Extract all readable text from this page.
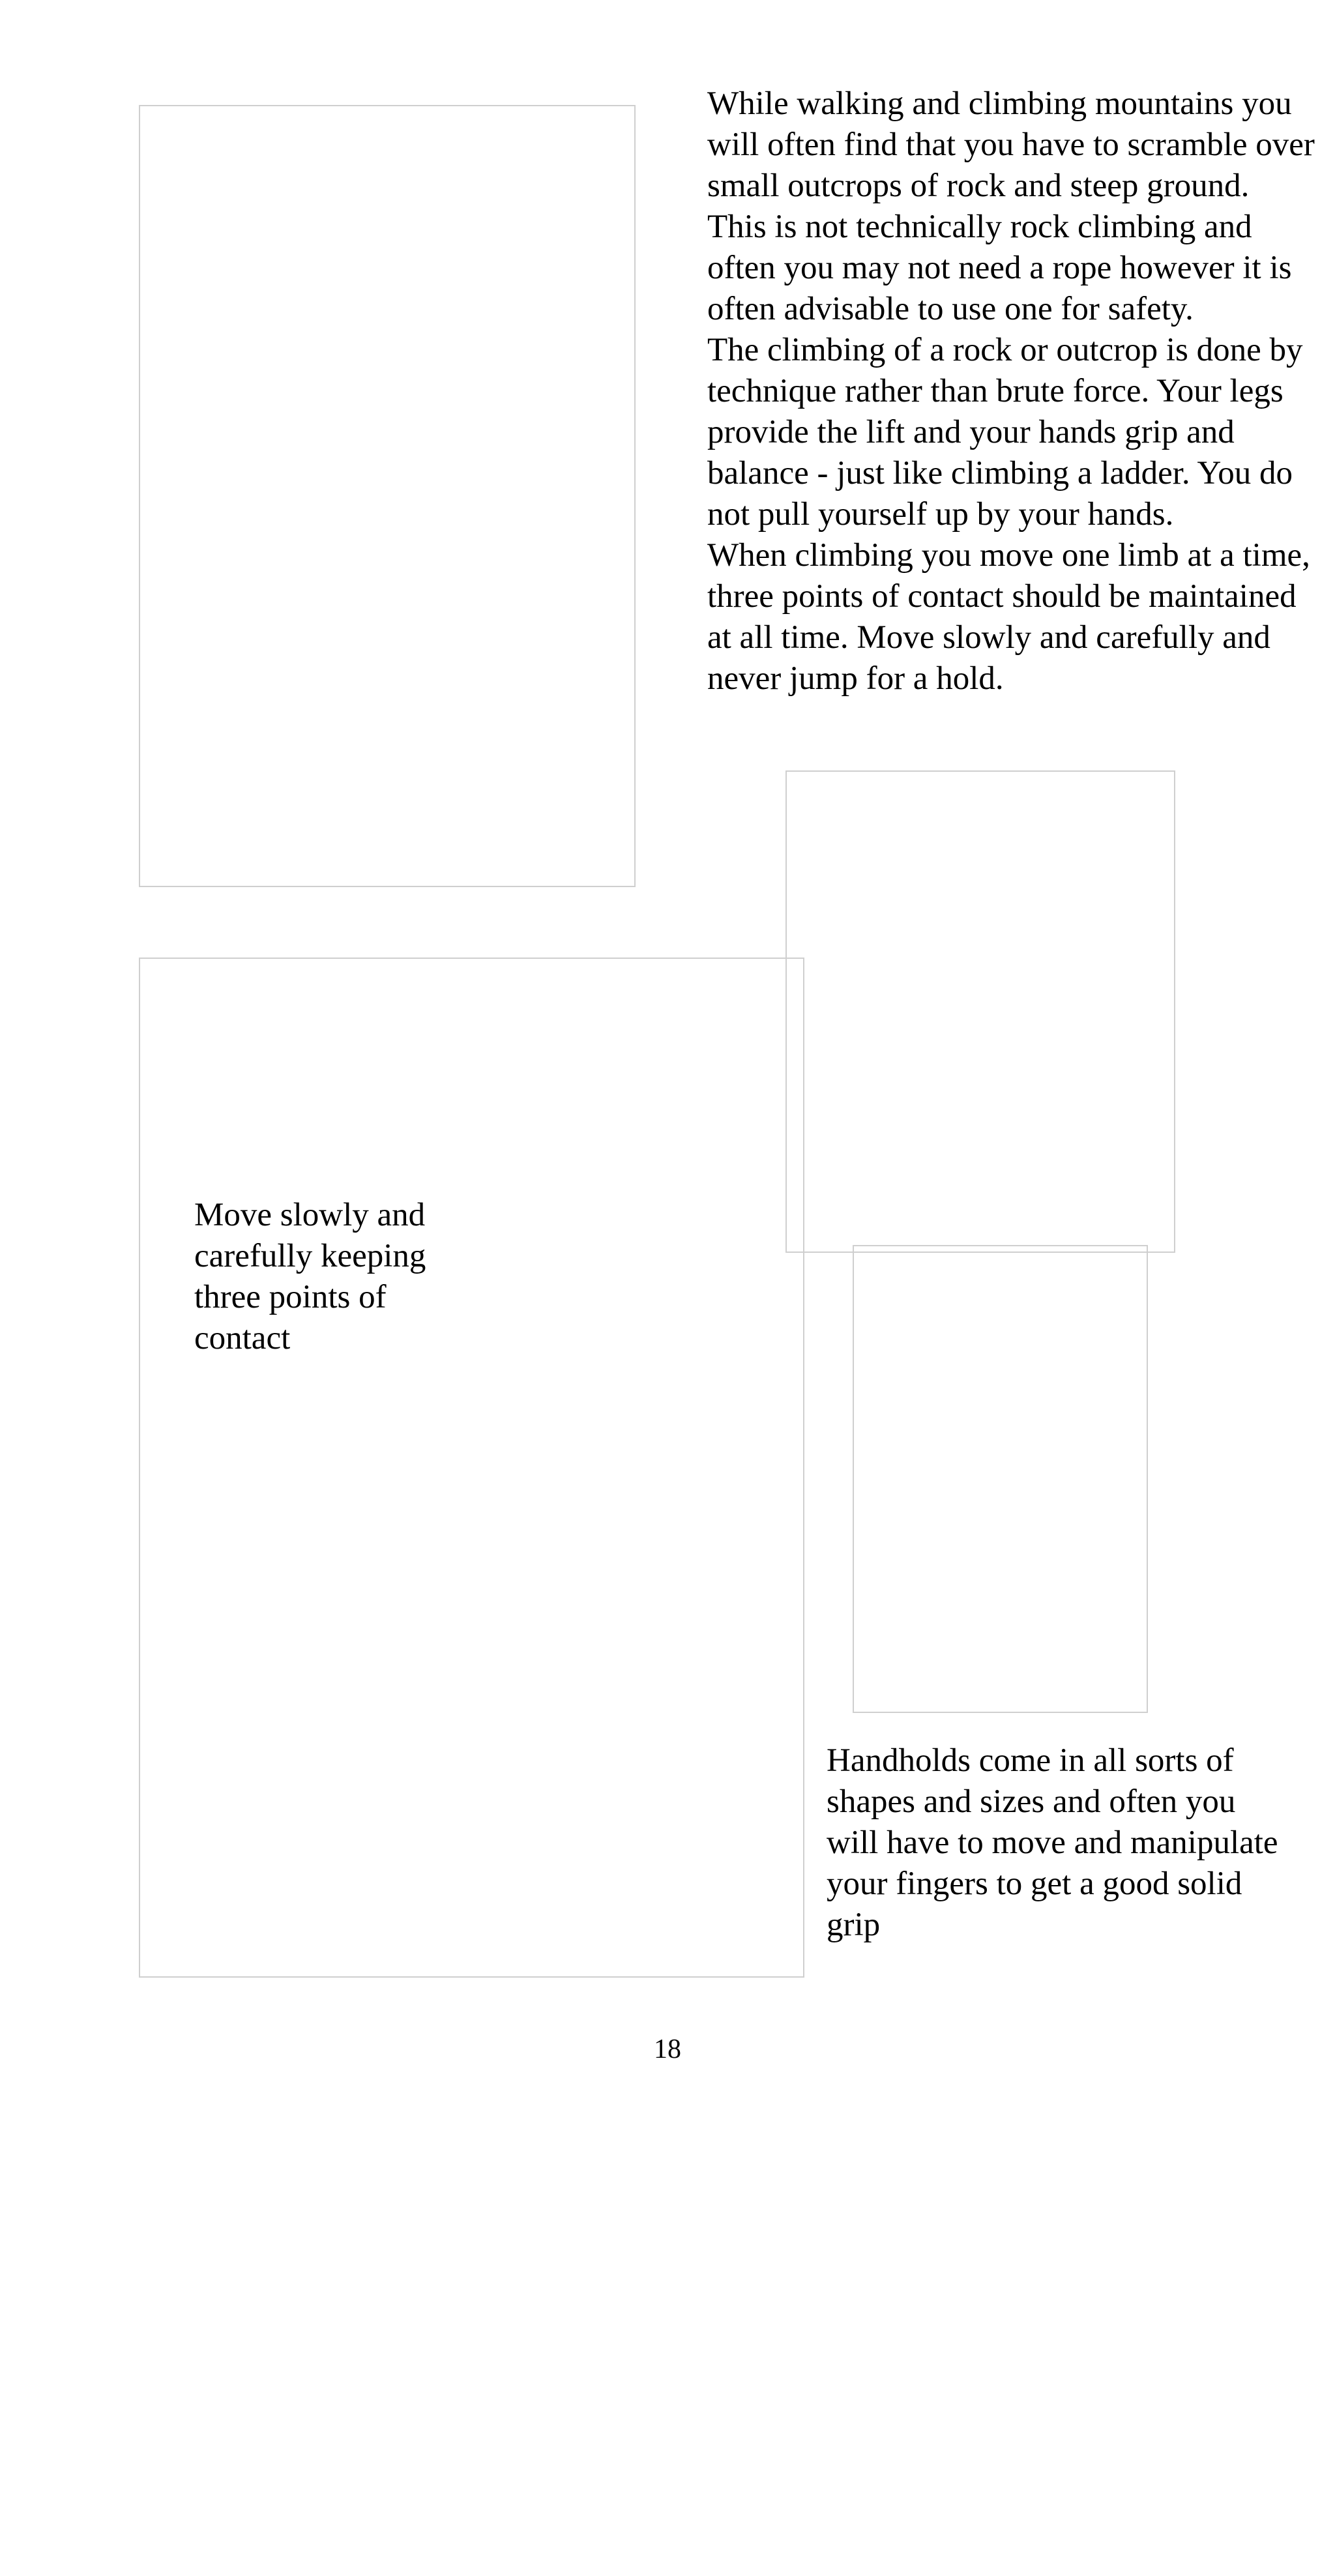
While walking and climbing mountains you will often find that you have to scramble over small outcrops of rock and steep ground.

This is not technically rock climbing and often you may not need a rope however it is often advisable to use one for safety.

The climbing of a rock or outcrop is done by technique rather than brute force. Your legs provide the lift and your hands grip and balance - just like climbing a ladder. You do not pull yourself up by your hands.

When climbing you move one limb at a time, three points of contact should be maintained at all time. Move slowly and carefully and never jump for a hold.

Move slowly and carefully keeping three points of contact

Handholds come in all sorts of shapes and sizes and often you will have to move and manipulate your fingers to get a good solid grip

18
